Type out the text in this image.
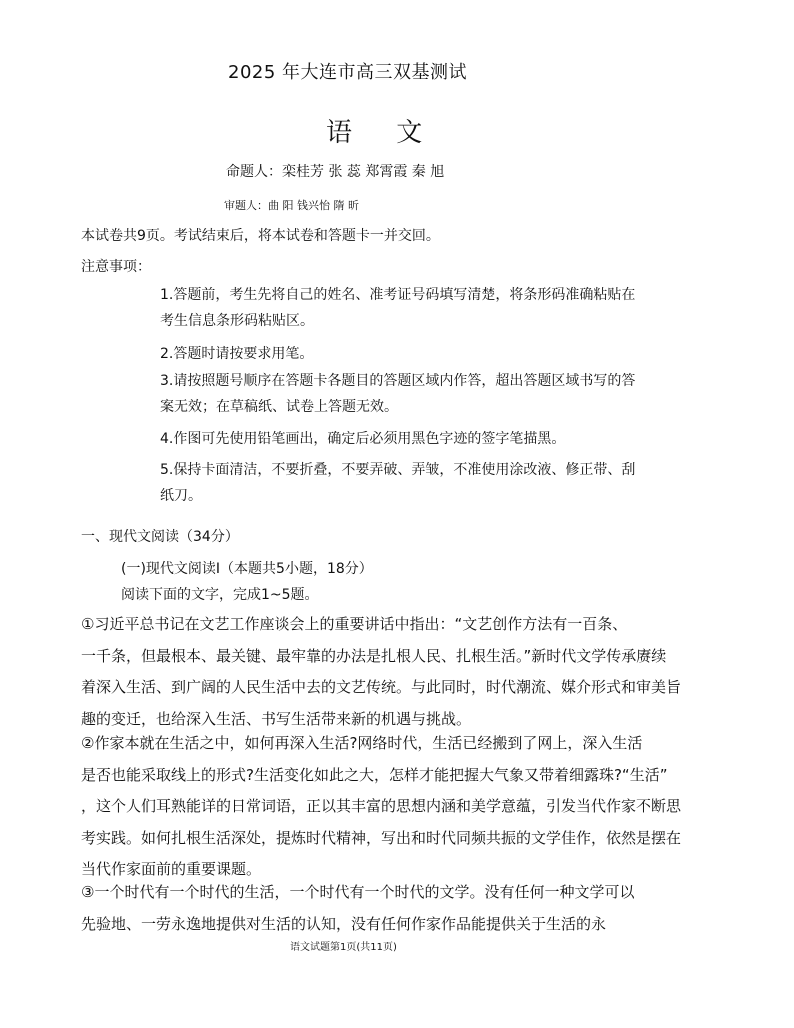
2025 年大连市高三双基测试
语 文
命题人：栾桂芳 张 蕊 郑霄霞 秦 旭
审题人：曲 阳 钱兴怡 隋 昕
本试卷共9页。考试结束后，将本试卷和答题卡一并交回。
注意事项：
1.答题前，考生先将自己的姓名、准考证号码填写清楚，将条形码准确粘贴在
考生信息条形码粘贴区。
2.答题时请按要求用笔。
3.请按照题号顺序在答题卡各题目的答题区域内作答，超出答题区域书写的答
案无效；在草稿纸、试卷上答题无效。
4.作图可先使用铅笔画出，确定后必须用黑色字迹的签字笔描黑。
5.保持卡面清洁，不要折叠，不要弄破、弄皱，不准使用涂改液、修正带、刮
纸刀。
一、现代文阅读（34分）
(一)现代文阅读Ⅰ（本题共5小题，18分）
阅读下面的文字，完成1~5题。
①习近平总书记在文艺工作座谈会上的重要讲话中指出：“文艺创作方法有一百条、
一千条，但最根本、最关键、最牢靠的办法是扎根人民、扎根生活。”新时代文学传承赓续
着深入生活、到广阔的人民生活中去的文艺传统。与此同时，时代潮流、媒介形式和审美旨
趣的变迁，也给深入生活、书写生活带来新的机遇与挑战。
②作家本就在生活之中，如何再深入生活?网络时代，生活已经搬到了网上，深入生活
是否也能采取线上的形式?生活变化如此之大，怎样才能把握大气象又带着细露珠?“生活”
，这个人们耳熟能详的日常词语，正以其丰富的思想内涵和美学意蕴，引发当代作家不断思
考实践。如何扎根生活深处，提炼时代精神，写出和时代同频共振的文学佳作，依然是摆在
当代作家面前的重要课题。
③一个时代有一个时代的生活，一个时代有一个时代的文学。没有任何一种文学可以
先验地、一劳永逸地提供对生活的认知，没有任何作家作品能提供关于生活的永
语文试题第1页(共11页)
